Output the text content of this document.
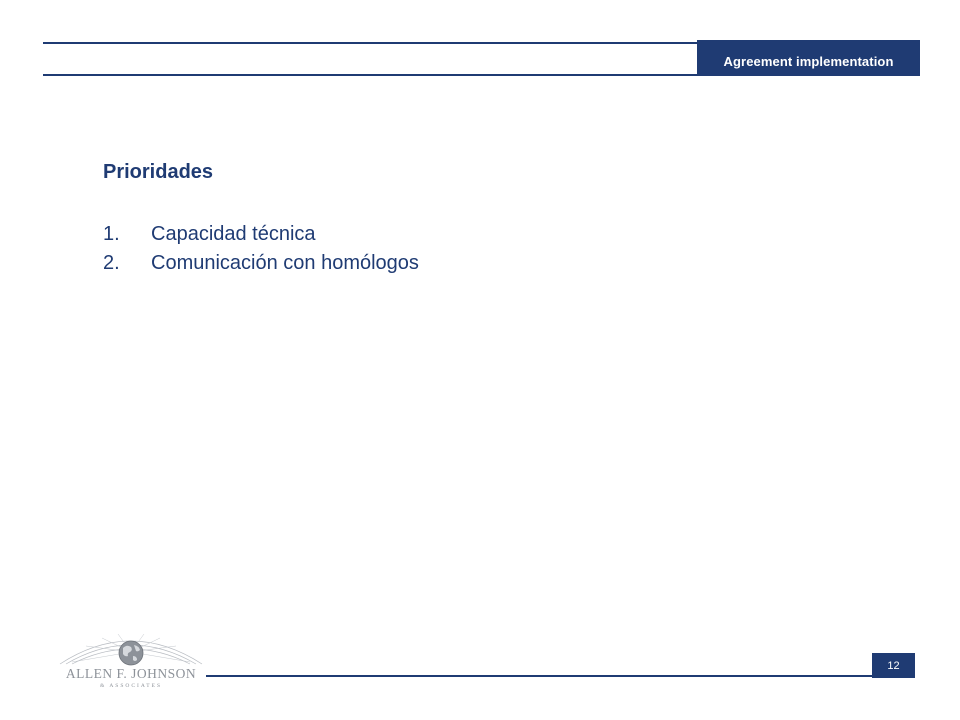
Agreement implementation
Prioridades
1.	Capacidad técnica
2.	Comunicación con homólogos
ALLEN F. JOHNSON
& ASSOCIATES
12
